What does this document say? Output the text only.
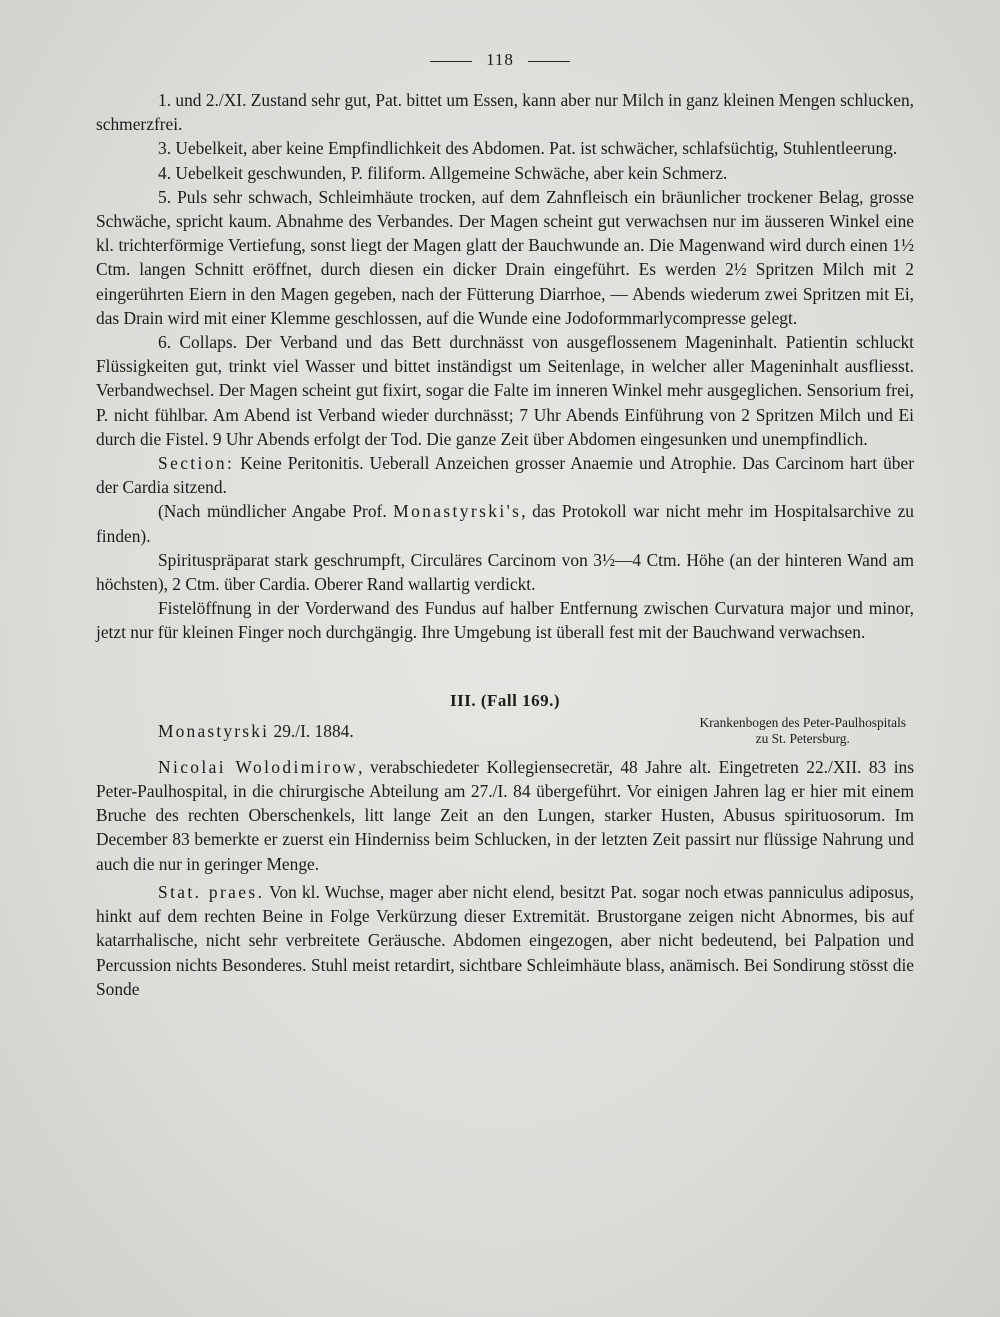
118

1. und 2./XI. Zustand sehr gut, Pat. bittet um Essen, kann aber nur Milch in ganz kleinen Mengen schlucken, schmerzfrei.

3. Uebelkeit, aber keine Empfindlichkeit des Abdomen. Pat. ist schwächer, schlafsüchtig, Stuhlentleerung.

4. Uebelkeit geschwunden, P. filiform. Allgemeine Schwäche, aber kein Schmerz.

5. Puls sehr schwach, Schleimhäute trocken, auf dem Zahnfleisch ein bräunlicher trockener Belag, grosse Schwäche, spricht kaum. Abnahme des Verbandes. Der Magen scheint gut verwachsen nur im äusseren Winkel eine kl. trichterförmige Vertiefung, sonst liegt der Magen glatt der Bauchwunde an. Die Magenwand wird durch einen 1½ Ctm. langen Schnitt eröffnet, durch diesen ein dicker Drain eingeführt. Es werden 2½ Spritzen Milch mit 2 eingerührten Eiern in den Magen gegeben, nach der Fütterung Diarrhoe, — Abends wiederum zwei Spritzen mit Ei, das Drain wird mit einer Klemme geschlossen, auf die Wunde eine Jodoformmarlycompresse gelegt.

6. Collaps. Der Verband und das Bett durchnässt von ausgeflossenem Mageninhalt. Patientin schluckt Flüssigkeiten gut, trinkt viel Wasser und bittet inständigst um Seitenlage, in welcher aller Mageninhalt ausfliesst. Verbandwechsel. Der Magen scheint gut fixirt, sogar die Falte im inneren Winkel mehr ausgeglichen. Sensorium frei, P. nicht fühlbar. Am Abend ist Verband wieder durchnässt; 7 Uhr Abends Einführung von 2 Spritzen Milch und Ei durch die Fistel. 9 Uhr Abends erfolgt der Tod. Die ganze Zeit über Abdomen eingesunken und unempfindlich.

Section: Keine Peritonitis. Ueberall Anzeichen grosser Anaemie und Atrophie. Das Carcinom hart über der Cardia sitzend.

(Nach mündlicher Angabe Prof. Monastyrski's, das Protokoll war nicht mehr im Hospitalsarchive zu finden).

Spirituspräparat stark geschrumpft, Circuläres Carcinom von 3½—4 Ctm. Höhe (an der hinteren Wand am höchsten), 2 Ctm. über Cardia. Oberer Rand wallartig verdickt.

Fistelöffnung in der Vorderwand des Fundus auf halber Entfernung zwischen Curvatura major und minor, jetzt nur für kleinen Finger noch durchgängig. Ihre Umgebung ist überall fest mit der Bauchwand verwachsen.

III. (Fall 169.)
Monastyrski 29./I. 1884.	Krankenbogen des Peter-Paulhospitals
zu St. Petersburg.

Nicolai Wolodimirow, verabschiedeter Kollegiensecretär, 48 Jahre alt. Eingetreten 22./XII. 83 ins Peter-Paulhospital, in die chirurgische Abteilung am 27./I. 84 übergeführt. Vor einigen Jahren lag er hier mit einem Bruche des rechten Oberschenkels, litt lange Zeit an den Lungen, starker Husten, Abusus spirituosorum. Im December 83 bemerkte er zuerst ein Hinderniss beim Schlucken, in der letzten Zeit passirt nur flüssige Nahrung und auch die nur in geringer Menge.

Stat. praes. Von kl. Wuchse, mager aber nicht elend, besitzt Pat. sogar noch etwas panniculus adiposus, hinkt auf dem rechten Beine in Folge Verkürzung dieser Extremität. Brustorgane zeigen nicht Abnormes, bis auf katarrhalische, nicht sehr verbreitete Geräusche. Abdomen eingezogen, aber nicht bedeutend, bei Palpation und Percussion nichts Besonderes. Stuhl meist retardirt, sichtbare Schleimhäute blass, anämisch. Bei Sondirung stösst die Sonde
